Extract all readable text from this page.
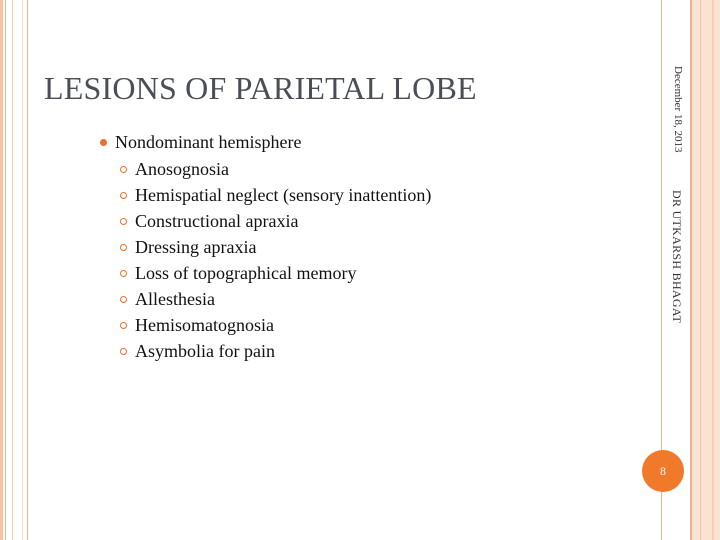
LESIONS OF PARIETAL LOBE
Nondominant hemisphere
Anosognosia
Hemispatial neglect (sensory inattention)
Constructional apraxia
Dressing apraxia
Loss of topographical memory
Allesthesia
Hemisomatognosia
Asymbolia for pain
December 18, 2013
DR UTKARSH BHAGAT
8
